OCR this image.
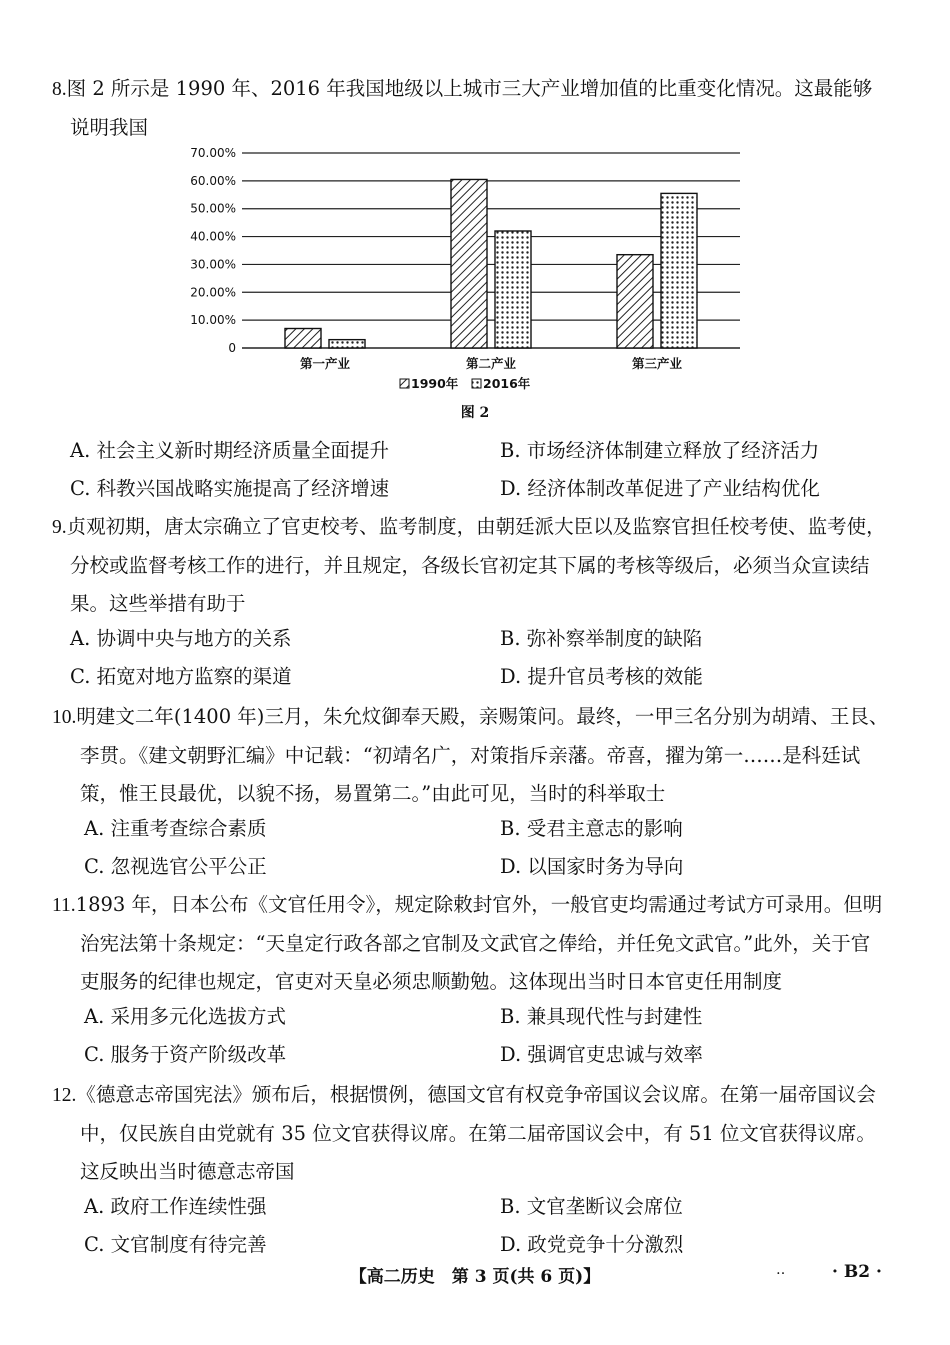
8.图 2 所示是 1990 年、2016 年我国地级以上城市三大产业增加值的比重变化情况。这最能够
说明我国
70.00%
60.00%
50.00%
40.00%
30.00%
20.00%
10.00%
0
第一产业	第二产业	第三产业
1990年 2016年
图 2
A. 社会主义新时期经济质量全面提升	B. 市场经济体制建立释放了经济活力
C. 科教兴国战略实施提高了经济增速	D. 经济体制改革促进了产业结构优化
9.贞观初期，唐太宗确立了官吏校考、监考制度，由朝廷派大臣以及监察官担任校考使、监考使，
分校或监督考核工作的进行，并且规定，各级长官初定其下属的考核等级后，必须当众宣读结
果。这些举措有助于
A. 协调中央与地方的关系	B. 弥补察举制度的缺陷
C. 拓宽对地方监察的渠道	D. 提升官员考核的效能
10.明建文二年(1400 年)三月，朱允炆御奉天殿，亲赐策问。最终，一甲三名分别为胡靖、王艮、
李贯。《建文朝野汇编》中记载：“初靖名广，对策指斥亲藩。帝喜，擢为第一……是科廷试
策，惟王艮最优，以貌不扬，易置第二。”由此可见，当时的科举取士
A. 注重考查综合素质	B. 受君主意志的影响
C. 忽视选官公平公正	D. 以国家时务为导向
11.1893 年，日本公布《文官任用令》，规定除敕封官外，一般官吏均需通过考试方可录用。但明
治宪法第十条规定：“天皇定行政各部之官制及文武官之俸给，并任免文武官。”此外，关于官
吏服务的纪律也规定，官吏对天皇必须忠顺勤勉。这体现出当时日本官吏任用制度
A. 采用多元化选拔方式	B. 兼具现代性与封建性
C. 服务于资产阶级改革	D. 强调官吏忠诚与效率
12.《德意志帝国宪法》颁布后，根据惯例，德国文官有权竞争帝国议会议席。在第一届帝国议会
中，仅民族自由党就有 35 位文官获得议席。在第二届帝国议会中，有 51 位文官获得议席。
这反映出当时德意志帝国
A. 政府工作连续性强	B. 文官垄断议会席位
C. 文官制度有待完善	D. 政党竞争十分激烈
【高二历史　第 3 页(共 6 页)】	‥	· B2 ·
